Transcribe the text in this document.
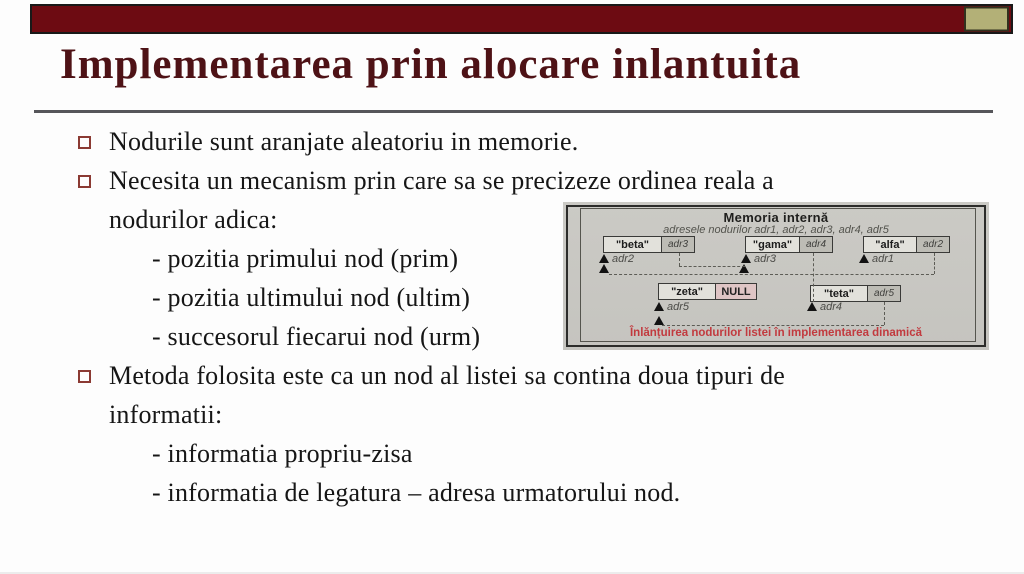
Implementarea prin alocare inlantuita
Nodurile sunt aranjate aleatoriu in memorie.
Necesita un mecanism prin care sa se precizeze ordinea reala a
nodurilor adica:
- pozitia primului nod (prim)
- pozitia ultimului nod (ultim)
- succesorul fiecarui nod (urm)
Metoda folosita este ca un nod al listei sa contina doua tipuri de
informatii:
- informatia propriu-zisa
- informatia de legatura – adresa urmatorului nod.
Memoria internă
adresele nodurilor adr1, adr2, adr3, adr4, adr5
"beta"	adr3	"gama"	adr4	"alfa"	adr2
"zeta"	NULL	"teta"	adr5
adr2	adr3	adr1
adr5	adr4
Înlănțuirea nodurilor listei în implementarea dinamică
